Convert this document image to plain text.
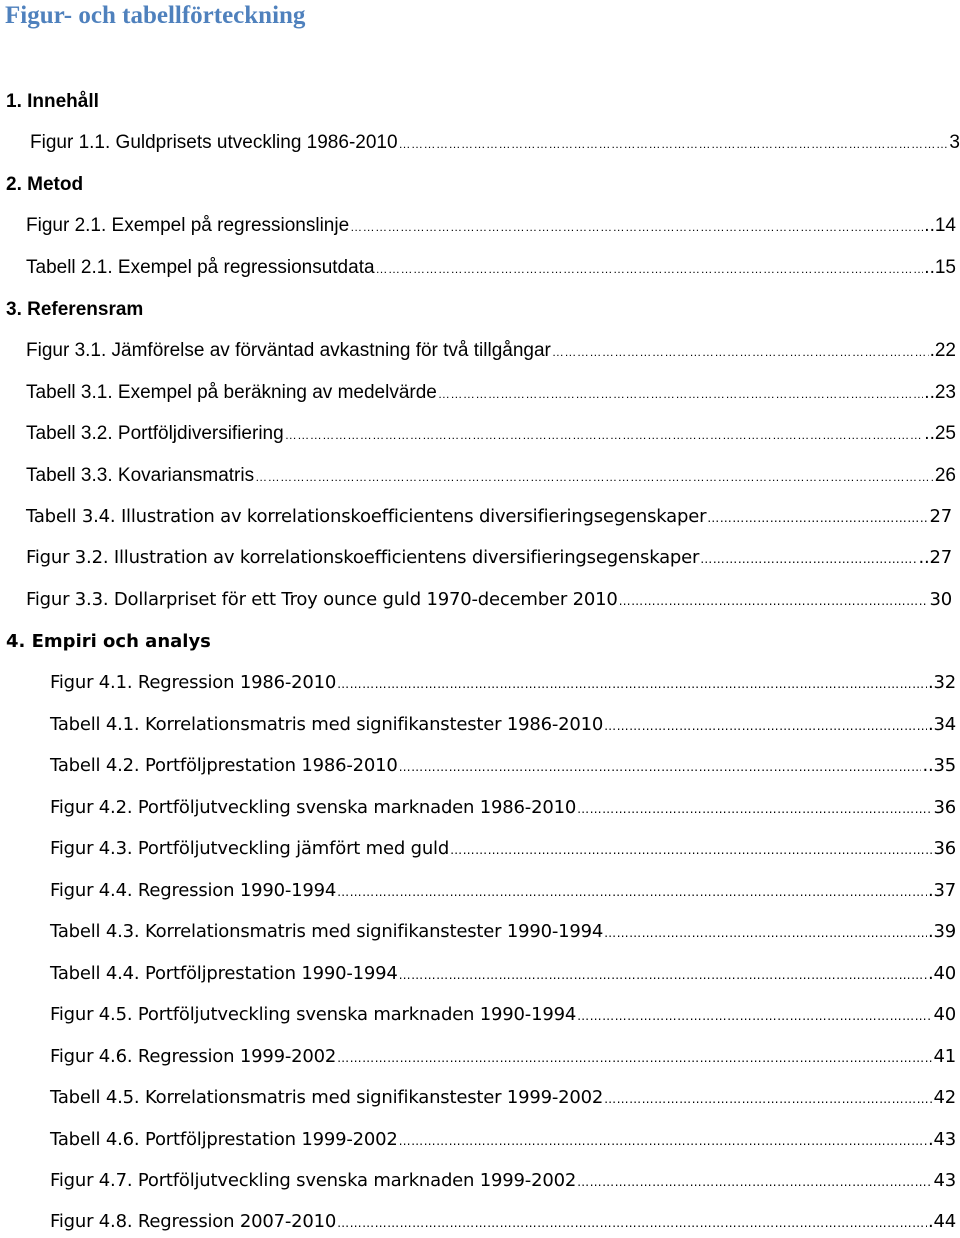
Figur- och tabellförteckning
1. Innehåll
Figur 1.1. Guldprisets utveckling 1986-2010 ……………………………………………………………………………………………………………………………………………………………………………………………………………………………………………………………………	3
2. Metod
Figur 2.1. Exempel på regressionslinje ……………………………………………………………………………………………………………………………………………………………………………………………………………………………………………………………………	..14
Tabell 2.1. Exempel på regressionsutdata ……………………………………………………………………………………………………………………………………………………………………………………………………………………………………………………………………	..15
3. Referensram
Figur 3.1. Jämförelse av förväntad avkastning för två tillgångar ……………………………………………………………………………………………………………………………………………………………………………………………………………………………………………………………………	.22
Tabell 3.1. Exempel på beräkning av medelvärde ……………………………………………………………………………………………………………………………………………………………………………………………………………………………………………………………………	..23
Tabell 3.2. Portföljdiversifiering ……………………………………………………………………………………………………………………………………………………………………………………………………………………………………………………………………	..25
Tabell 3.3. Kovariansmatris ……………………………………………………………………………………………………………………………………………………………………………………………………………………………………………………………………	26
Tabell 3.4. Illustration av korrelationskoefficientens diversifieringsegenskaper ……………………………………………………………………………………………………………………………………………………………………………………………………………………………………………………………………	27
Figur 3.2. Illustration av korrelationskoefficientens diversifieringsegenskaper ……………………………………………………………………………………………………………………………………………………………………………………………………………………………………………………………………	..27
Figur 3.3. Dollarpriset för ett Troy ounce guld 1970-december 2010 ……………………………………………………………………………………………………………………………………………………………………………………………………………………………………………………………………	30
4. Empiri och analys
Figur 4.1. Regression 1986-2010 ……………………………………………………………………………………………………………………………………………………………………………………………………………………………………………………………………	.32
Tabell 4.1. Korrelationsmatris med signifikanstester 1986-2010 ……………………………………………………………………………………………………………………………………………………………………………………………………………………………………………………………………	.34
Tabell 4.2. Portföljprestation 1986-2010 ……………………………………………………………………………………………………………………………………………………………………………………………………………………………………………………………………	..35
Figur 4.2. Portföljutveckling svenska marknaden 1986-2010 ……………………………………………………………………………………………………………………………………………………………………………………………………………………………………………………………………	36
Figur 4.3. Portföljutveckling jämfört med guld ……………………………………………………………………………………………………………………………………………………………………………………………………………………………………………………………………	36
Figur 4.4. Regression 1990-1994 ……………………………………………………………………………………………………………………………………………………………………………………………………………………………………………………………………	.37
Tabell 4.3. Korrelationsmatris med signifikanstester 1990-1994 ……………………………………………………………………………………………………………………………………………………………………………………………………………………………………………………………………	.39
Tabell 4.4. Portföljprestation 1990-1994 ……………………………………………………………………………………………………………………………………………………………………………………………………………………………………………………………………	.40
Figur 4.5. Portföljutveckling svenska marknaden 1990-1994 ……………………………………………………………………………………………………………………………………………………………………………………………………………………………………………………………………	40
Figur 4.6. Regression 1999-2002 ……………………………………………………………………………………………………………………………………………………………………………………………………………………………………………………………………	41
Tabell 4.5. Korrelationsmatris med signifikanstester 1999-2002 ……………………………………………………………………………………………………………………………………………………………………………………………………………………………………………………………………	42
Tabell 4.6. Portföljprestation 1999-2002 ……………………………………………………………………………………………………………………………………………………………………………………………………………………………………………………………………	.43
Figur 4.7. Portföljutveckling svenska marknaden 1999-2002 ……………………………………………………………………………………………………………………………………………………………………………………………………………………………………………………………………	43
Figur 4.8. Regression 2007-2010 ……………………………………………………………………………………………………………………………………………………………………………………………………………………………………………………………………	.44
